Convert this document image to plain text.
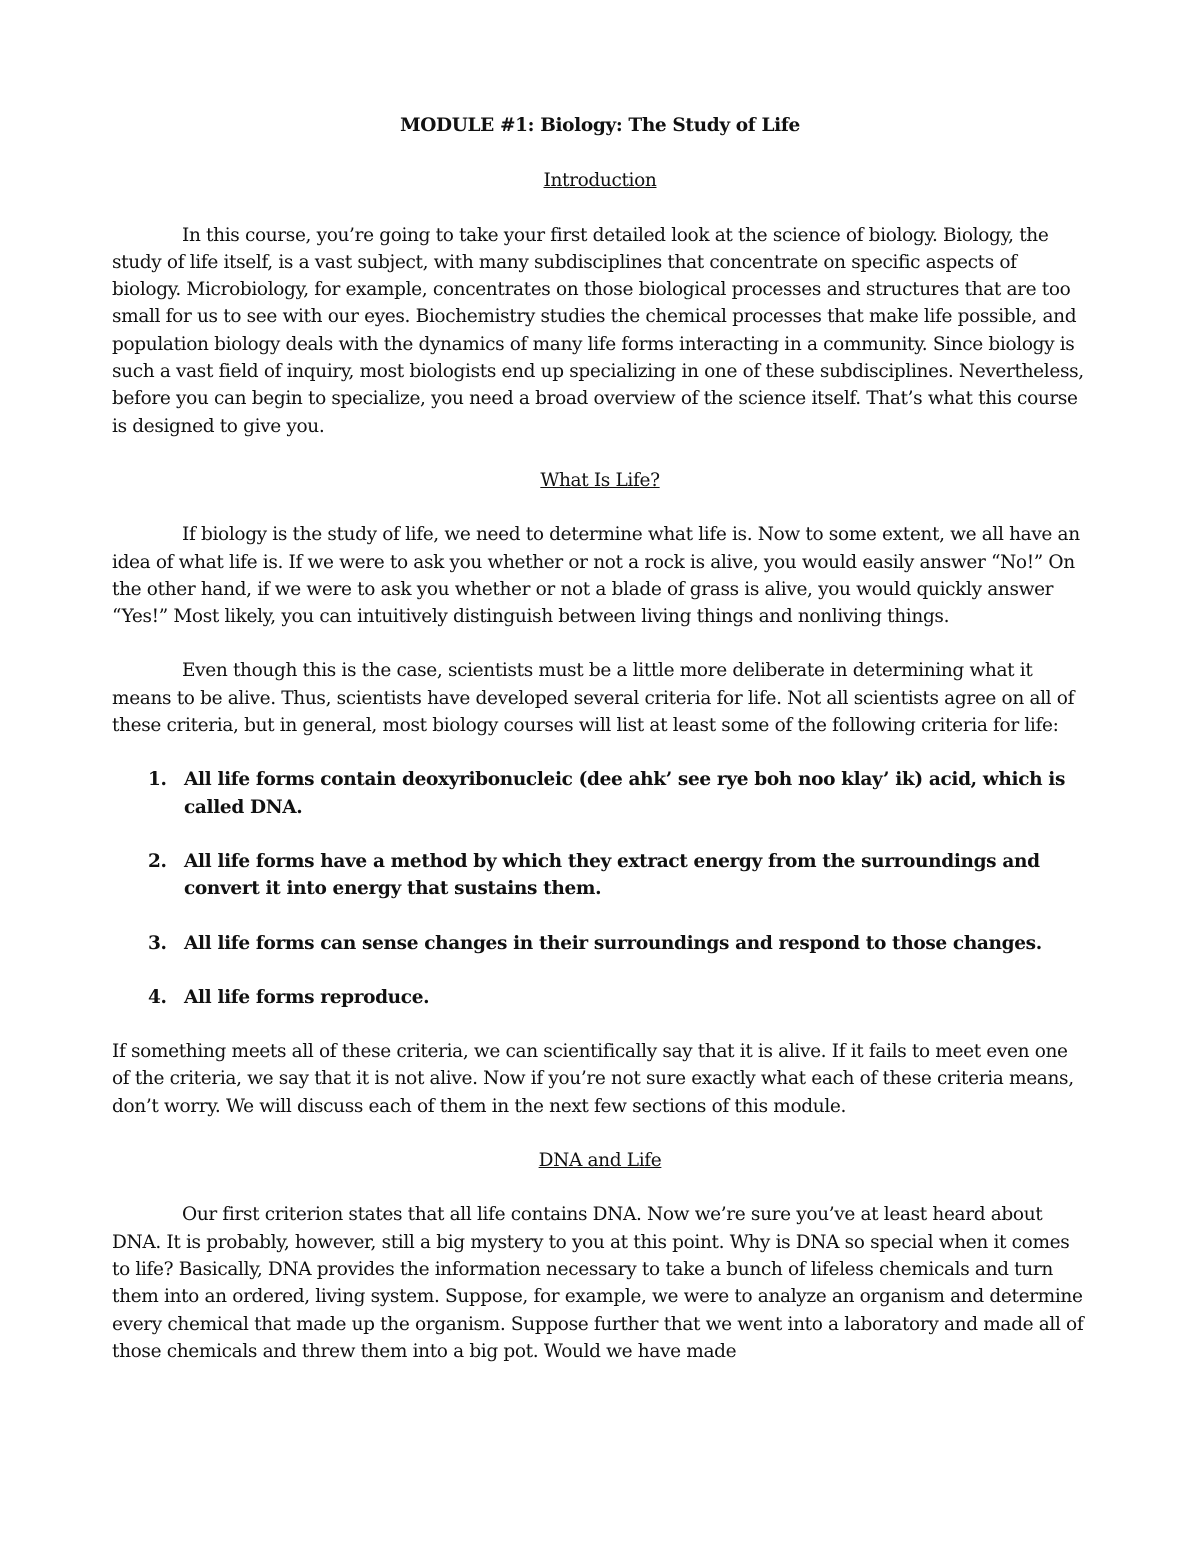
MODULE #1: Biology: The Study of Life
Introduction

In this course, you’re going to take your first detailed look at the science of biology. Biology, the study of life itself, is a vast subject, with many subdisciplines that concentrate on specific aspects of biology. Microbiology, for example, concentrates on those biological processes and structures that are too small for us to see with our eyes. Biochemistry studies the chemical processes that make life possible, and population biology deals with the dynamics of many life forms interacting in a community. Since biology is such a vast field of inquiry, most biologists end up specializing in one of these subdisciplines. Nevertheless, before you can begin to specialize, you need a broad overview of the science itself. That’s what this course is designed to give you.

What Is Life?

If biology is the study of life, we need to determine what life is. Now to some extent, we all have an idea of what life is. If we were to ask you whether or not a rock is alive, you would easily answer “No!” On the other hand, if we were to ask you whether or not a blade of grass is alive, you would quickly answer “Yes!” Most likely, you can intuitively distinguish between living things and nonliving things.

Even though this is the case, scientists must be a little more deliberate in determining what it means to be alive. Thus, scientists have developed several criteria for life. Not all scientists agree on all of these criteria, but in general, most biology courses will list at least some of the following criteria for life:

1. All life forms contain deoxyribonucleic (dee ahk’ see rye boh noo klay’ ik) acid, which is called DNA.
2. All life forms have a method by which they extract energy from the surroundings and convert it into energy that sustains them.
3. All life forms can sense changes in their surroundings and respond to those changes.
4. All life forms reproduce.

If something meets all of these criteria, we can scientifically say that it is alive. If it fails to meet even one of the criteria, we say that it is not alive. Now if you’re not sure exactly what each of these criteria means, don’t worry. We will discuss each of them in the next few sections of this module.

DNA and Life

Our first criterion states that all life contains DNA. Now we’re sure you’ve at least heard about DNA. It is probably, however, still a big mystery to you at this point. Why is DNA so special when it comes to life? Basically, DNA provides the information necessary to take a bunch of lifeless chemicals and turn them into an ordered, living system. Suppose, for example, we were to analyze an organism and determine every chemical that made up the organism. Suppose further that we went into a laboratory and made all of those chemicals and threw them into a big pot. Would we have made
